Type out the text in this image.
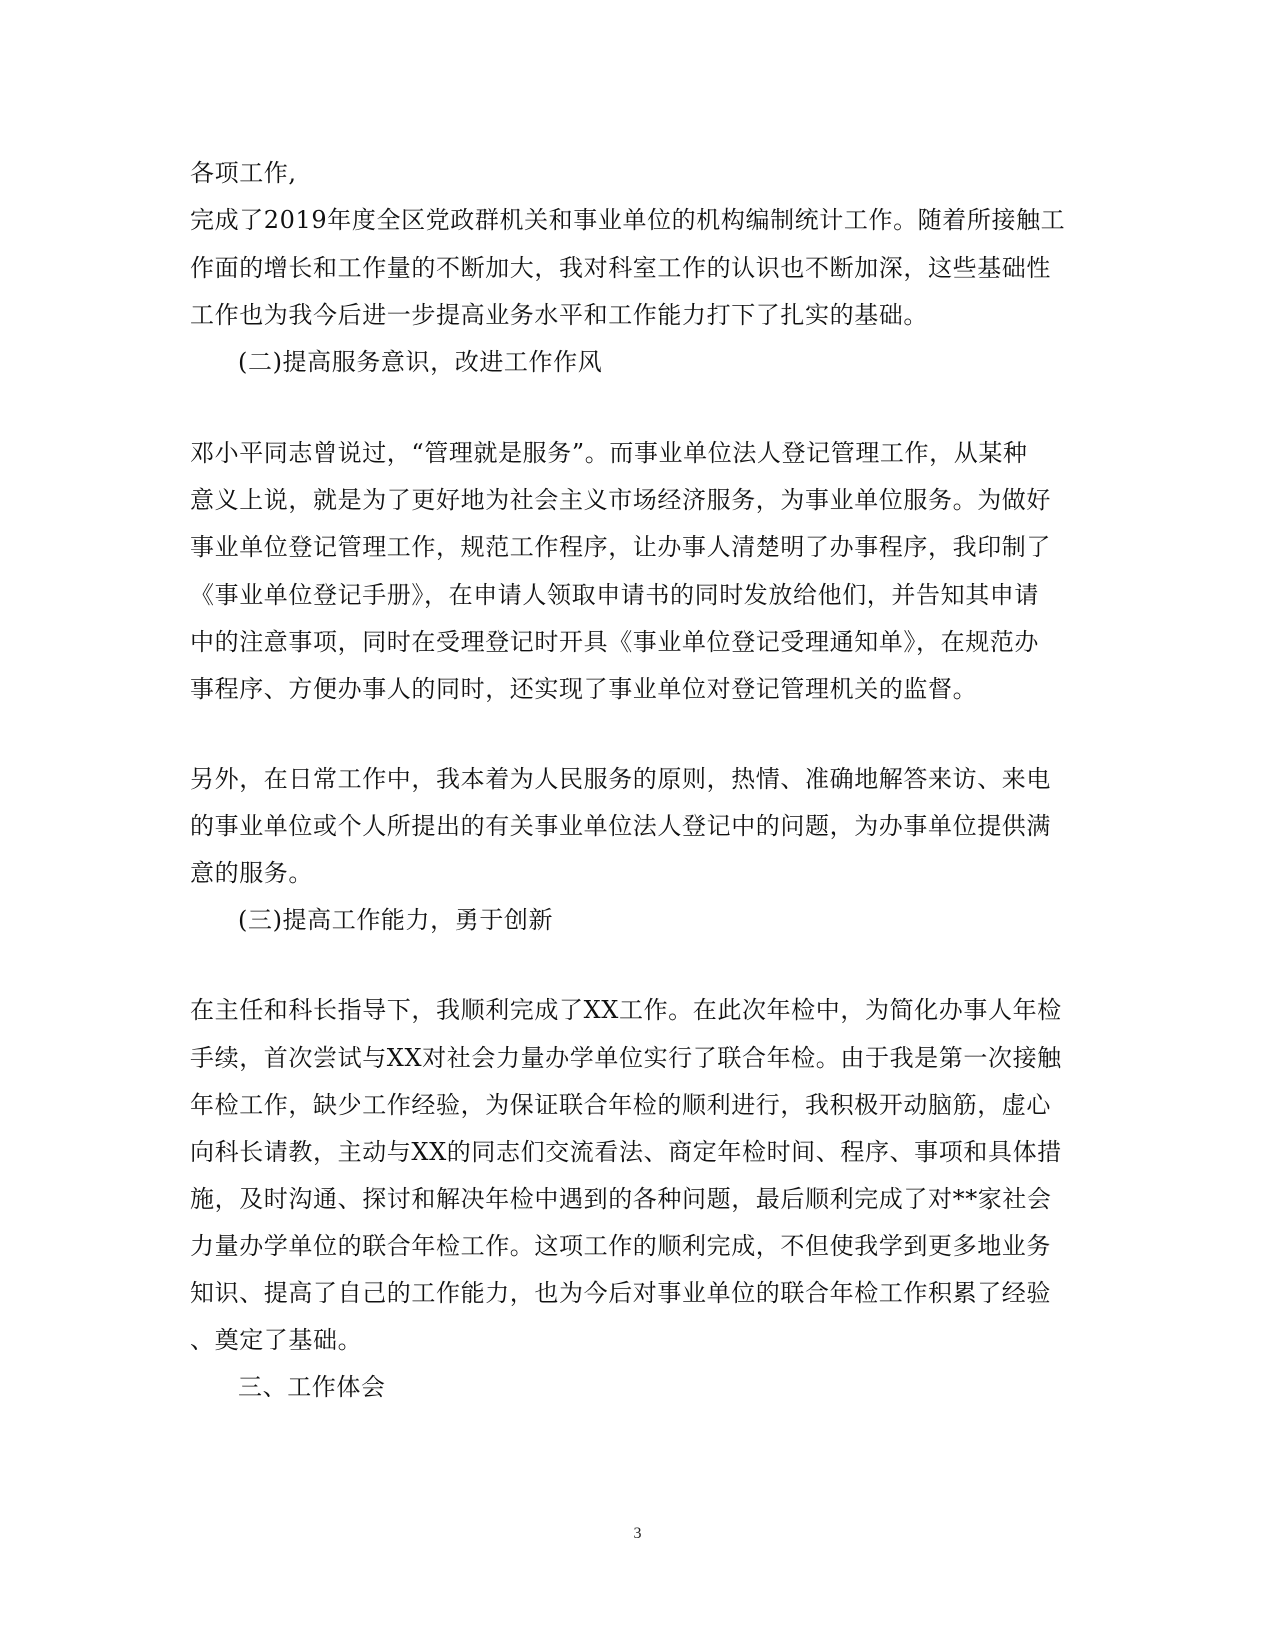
各项工作,
完成了2019年度全区党政群机关和事业单位的机构编制统计工作。随着所接触工
作面的增长和工作量的不断加大，我对科室工作的认识也不断加深，这些基础性
工作也为我今后进一步提高业务水平和工作能力打下了扎实的基础。
(二)提高服务意识，改进工作作风
邓小平同志曾说过，“管理就是服务”。而事业单位法人登记管理工作，从某种
意义上说，就是为了更好地为社会主义市场经济服务，为事业单位服务。为做好
事业单位登记管理工作，规范工作程序，让办事人清楚明了办事程序，我印制了
《事业单位登记手册》，在申请人领取申请书的同时发放给他们，并告知其申请
中的注意事项，同时在受理登记时开具《事业单位登记受理通知单》，在规范办
事程序、方便办事人的同时，还实现了事业单位对登记管理机关的监督。
另外，在日常工作中，我本着为人民服务的原则，热情、准确地解答来访、来电
的事业单位或个人所提出的有关事业单位法人登记中的问题，为办事单位提供满
意的服务。
(三)提高工作能力，勇于创新
在主任和科长指导下，我顺利完成了XX工作。在此次年检中，为简化办事人年检
手续，首次尝试与XX对社会力量办学单位实行了联合年检。由于我是第一次接触
年检工作，缺少工作经验，为保证联合年检的顺利进行，我积极开动脑筋，虚心
向科长请教，主动与XX的同志们交流看法、商定年检时间、程序、事项和具体措
施，及时沟通、探讨和解决年检中遇到的各种问题，最后顺利完成了对**家社会
力量办学单位的联合年检工作。这项工作的顺利完成，不但使我学到更多地业务
知识、提高了自己的工作能力，也为今后对事业单位的联合年检工作积累了经验
、奠定了基础。
三、工作体会
3
